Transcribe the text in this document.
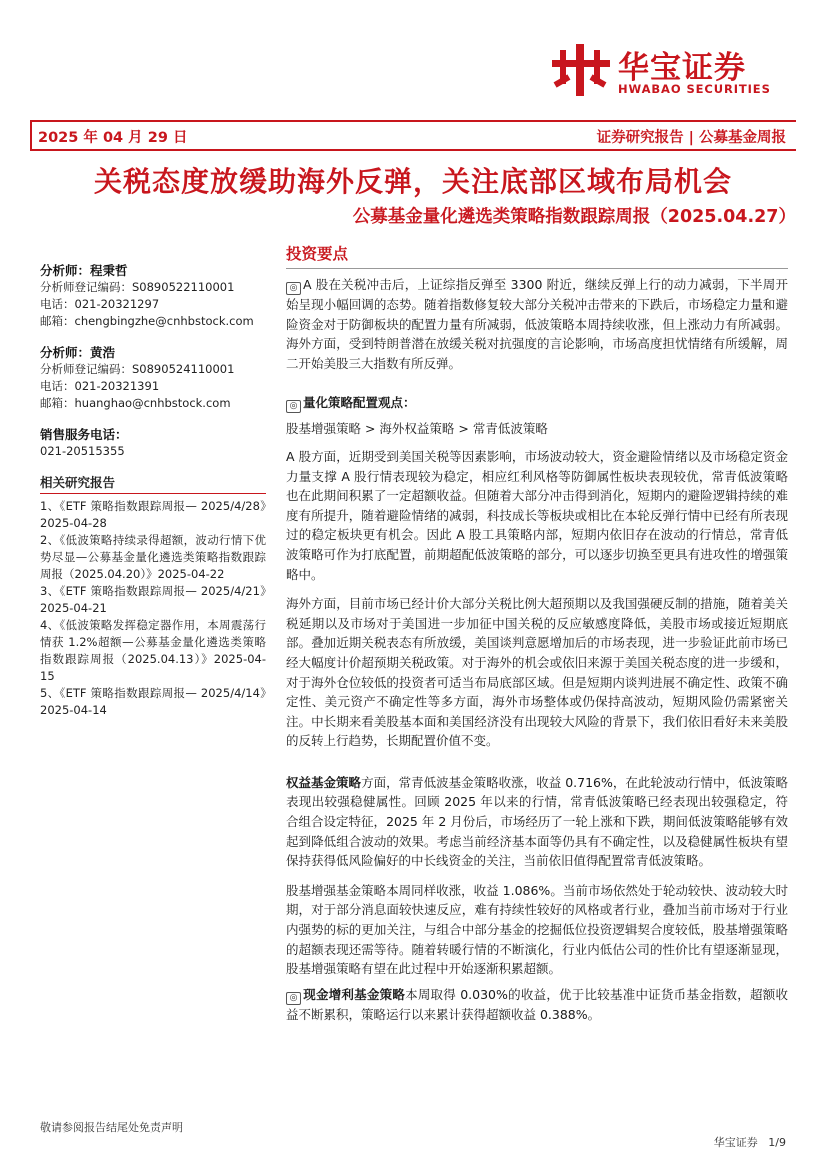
华宝证券
HWABAO SECURITIES
2025 年 04 月 29 日	证券研究报告 | 公募基金周报
关税态度放缓助海外反弹，关注底部区域布局机会
公募基金量化遴选类策略指数跟踪周报（2025.04.27）
分析师：程秉哲
分析师登记编码：S0890522110001
电话：021-20321297
邮箱：chengbingzhe@cnhbstock.com
分析师：黄浩
分析师登记编码：S0890524110001
电话：021-20321391
邮箱：huanghao@cnhbstock.com
销售服务电话：
021-20515355
相关研究报告
1、《ETF 策略指数跟踪周报— 2025/4/28》2025-04-28
2、《低波策略持续录得超额，波动行情下优势尽显—公募基金量化遴选类策略指数跟踪周报（2025.04.20）》2025-04-22
3、《ETF 策略指数跟踪周报— 2025/4/21》2025-04-21
4、《低波策略发挥稳定器作用，本周震荡行情获 1.2%超额—公募基金量化遴选类策略指数跟踪周报（2025.04.13）》2025-04-15
5、《ETF 策略指数跟踪周报— 2025/4/14》2025-04-14
投资要点

◎ A 股在关税冲击后，上证综指反弹至 3300 附近，继续反弹上行的动力减弱，下半周开始呈现小幅回调的态势。随着指数修复较大部分关税冲击带来的下跌后，市场稳定力量和避险资金对于防御板块的配置力量有所减弱，低波策略本周持续收涨，但上涨动力有所减弱。海外方面，受到特朗普潜在放缓关税对抗强度的言论影响，市场高度担忧情绪有所缓解，周二开始美股三大指数有所反弹。

◎ 量化策略配置观点：
股基增强策略 > 海外权益策略 > 常青低波策略

A 股方面，近期受到美国关税等因素影响，市场波动较大，资金避险情绪以及市场稳定资金力量支撑 A 股行情表现较为稳定，相应红利风格等防御属性板块表现较优，常青低波策略也在此期间积累了一定超额收益。但随着大部分冲击得到消化，短期内的避险逻辑持续的难度有所提升，随着避险情绪的减弱，科技成长等板块或相比在本轮反弹行情中已经有所表现过的稳定板块更有机会。因此 A 股工具策略内部，短期内依旧存在波动的行情总，常青低波策略可作为打底配置，前期超配低波策略的部分，可以逐步切换至更具有进攻性的增强策略中。

海外方面，目前市场已经计价大部分关税比例大超预期以及我国强硬反制的措施，随着美关税延期以及市场对于美国进一步加征中国关税的反应敏感度降低，美股市场或接近短期底部。叠加近期关税表态有所放缓，美国谈判意愿增加后的市场表现，进一步验证此前市场已经大幅度计价超预期关税政策。对于海外的机会或依旧来源于美国关税态度的进一步缓和，对于海外仓位较低的投资者可适当布局底部区域。但是短期内谈判进展不确定性、政策不确定性、美元资产不确定性等多方面，海外市场整体或仍保持高波动，短期风险仍需紧密关注。中长期来看美股基本面和美国经济没有出现较大风险的背景下，我们依旧看好未来美股的反转上行趋势，长期配置价值不变。

权益基金策略方面，常青低波基金策略收涨，收益 0.716%，在此轮波动行情中，低波策略表现出较强稳健属性。回顾 2025 年以来的行情，常青低波策略已经表现出较强稳定，符合组合设定特征，2025 年 2 月份后，市场经历了一轮上涨和下跌，期间低波策略能够有效起到降低组合波动的效果。考虑当前经济基本面等仍具有不确定性，以及稳健属性板块有望保持获得低风险偏好的中长线资金的关注，当前依旧值得配置常青低波策略。

股基增强基金策略本周同样收涨，收益 1.086%。当前市场依然处于轮动较快、波动较大时期，对于部分消息面较快速反应，难有持续性较好的风格或者行业，叠加当前市场对于行业内强势的标的更加关注，与组合中部分基金的挖掘低位投资逻辑契合度较低，股基增强策略的超额表现还需等待。随着转暖行情的不断演化，行业内低估公司的性价比有望逐渐显现，股基增强策略有望在此过程中开始逐渐积累超额。

◎ 现金增利基金策略本周取得 0.030%的收益，优于比较基准中证货币基金指数，超额收益不断累积，策略运行以来累计获得超额收益 0.388%。

敬请参阅报告结尾处免责声明
华宝证券 1/9
